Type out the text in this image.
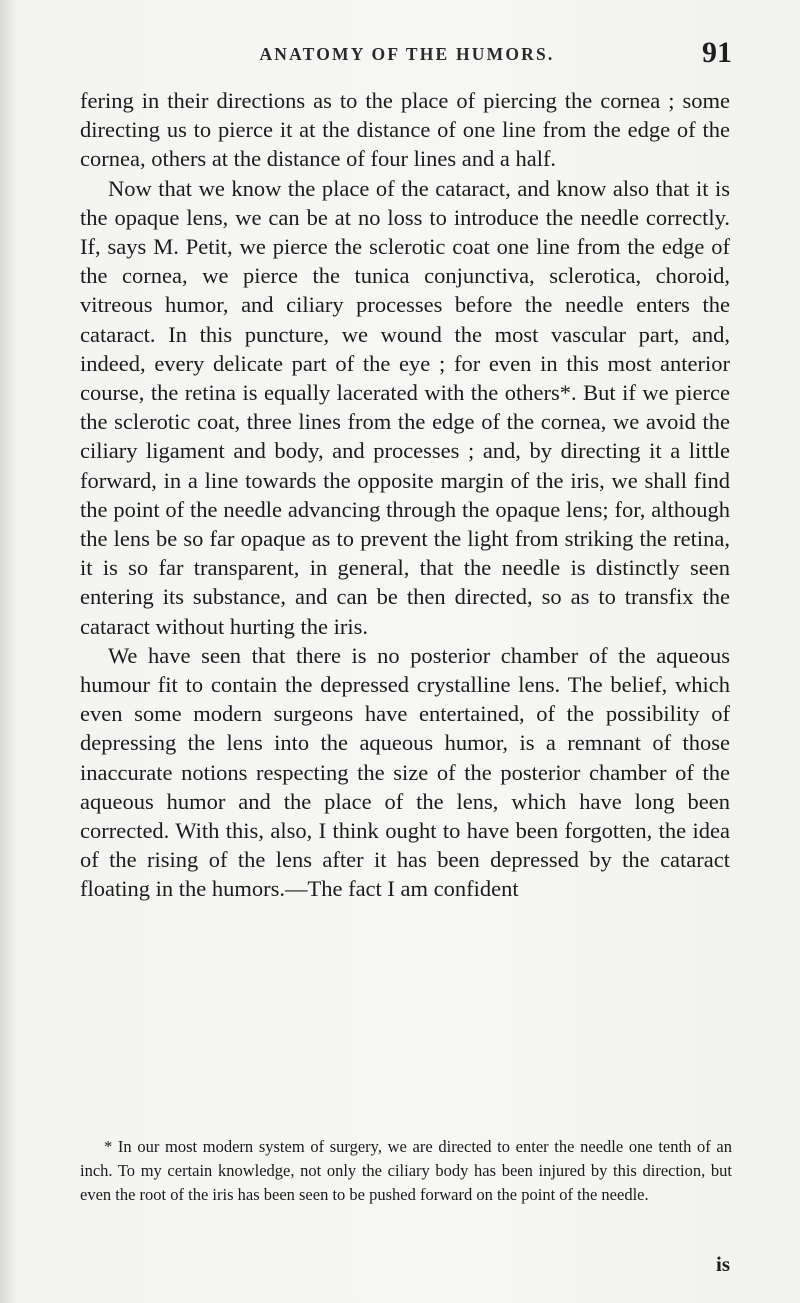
ANATOMY OF THE HUMORS.	91

fering in their directions as to the place of piercing the cornea ; some directing us to pierce it at the distance of one line from the edge of the cornea, others at the distance of four lines and a half.

Now that we know the place of the cataract, and know also that it is the opaque lens, we can be at no loss to introduce the needle correctly. If, says M. Petit, we pierce the sclerotic coat one line from the edge of the cornea, we pierce the tunica conjunctiva, sclerotica, choroid, vitreous humor, and ciliary processes before the needle enters the cataract. In this puncture, we wound the most vascular part, and, indeed, every delicate part of the eye ; for even in this most anterior course, the retina is equally lacerated with the others*. But if we pierce the sclerotic coat, three lines from the edge of the cornea, we avoid the ciliary ligament and body, and processes ; and, by directing it a little forward, in a line towards the opposite margin of the iris, we shall find the point of the needle advancing through the opaque lens; for, although the lens be so far opaque as to prevent the light from striking the retina, it is so far transparent, in general, that the needle is distinctly seen entering its substance, and can be then directed, so as to transfix the cataract without hurting the iris.

We have seen that there is no posterior chamber of the aqueous humour fit to contain the depressed crystalline lens. The belief, which even some modern surgeons have entertained, of the possibility of depressing the lens into the aqueous humor, is a remnant of those inaccurate notions respecting the size of the posterior chamber of the aqueous humor and the place of the lens, which have long been corrected. With this, also, I think ought to have been forgotten, the idea of the rising of the lens after it has been depressed by the cataract floating in the humors.—The fact I am confident

* In our most modern system of surgery, we are directed to enter the needle one tenth of an inch. To my certain knowledge, not only the ciliary body has been injured by this direction, but even the root of the iris has been seen to be pushed forward on the point of the needle.

is
